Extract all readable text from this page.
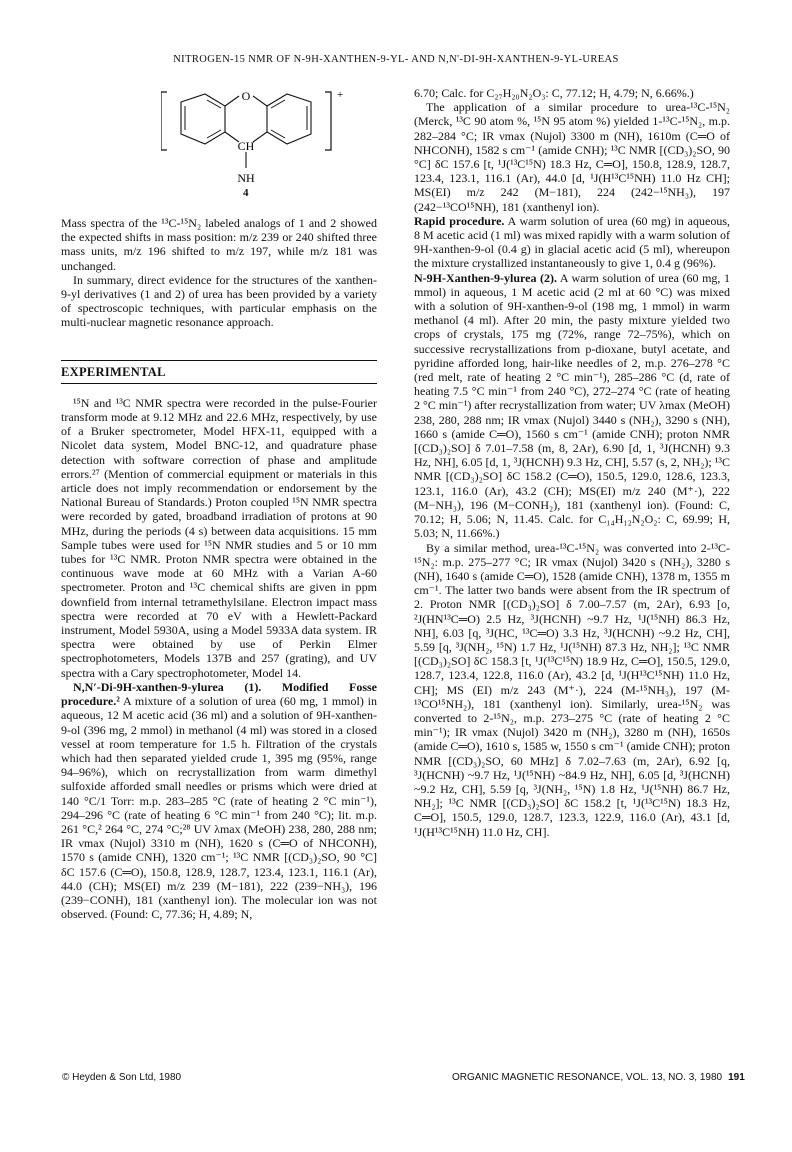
NITROGEN-15 NMR OF N-9H-XANTHEN-9-YL- AND N,N'-DI-9H-XANTHEN-9-YL-UREAS
O
CH
NH
+
4

Mass spectra of the ¹³C-¹⁵N₂ labeled analogs of 1 and 2 showed the expected shifts in mass position: m/z 239 or 240 shifted three mass units, m/z 196 shifted to m/z 197, while m/z 181 was unchanged.

In summary, direct evidence for the structures of the xanthen-9-yl derivatives (1 and 2) of urea has been provided by a variety of spectroscopic techniques, with particular emphasis on the multi-nuclear magnetic resonance approach.

EXPERIMENTAL

¹⁵N and ¹³C NMR spectra were recorded in the pulse-Fourier transform mode at 9.12 MHz and 22.6 MHz, respectively, by use of a Bruker spectrometer, Model HFX-11, equipped with a Nicolet data system, Model BNC-12, and quadrature phase detection with software correction of phase and amplitude errors.²⁷ (Mention of commercial equipment or materials in this article does not imply recommendation or endorsement by the National Bureau of Standards.) Proton coupled ¹⁵N NMR spectra were recorded by gated, broadband irradiation of protons at 90 MHz, during the periods (4 s) between data acquisitions. 15 mm Sample tubes were used for ¹⁵N NMR studies and 5 or 10 mm tubes for ¹³C NMR. Proton NMR spectra were obtained in the continuous wave mode at 60 MHz with a Varian A-60 spectrometer. Proton and ¹³C chemical shifts are given in ppm downfield from internal tetramethylsilane. Electron impact mass spectra were recorded at 70 eV with a Hewlett-Packard instrument, Model 5930A, using a Model 5933A data system. IR spectra were obtained by use of Perkin Elmer spectrophotometers, Models 137B and 257 (grating), and UV spectra with a Cary spectrophotometer, Model 14.

N,N′-Di-9H-xanthen-9-ylurea (1). Modified Fosse procedure.² A mixture of a solution of urea (60 mg, 1 mmol) in aqueous, 12 M acetic acid (36 ml) and a solution of 9H-xanthen-9-ol (396 mg, 2 mmol) in methanol (4 ml) was stored in a closed vessel at room temperature for 1.5 h. Filtration of the crystals which had then separated yielded crude 1, 395 mg (95%, range 94–96%), which on recrystallization from warm dimethyl sulfoxide afforded small needles or prisms which were dried at 140 °C/1 Torr: m.p. 283–285 °C (rate of heating 2 °C min⁻¹), 294–296 °C (rate of heating 6 °C min⁻¹ from 240 °C); lit. m.p. 261 °C,² 264 °C, 274 °C;²⁸ UV λmax (MeOH) 238, 280, 288 nm; IR νmax (Nujol) 3310 m (NH), 1620 s (C═O of NHCONH), 1570 s (amide CNH), 1320 cm⁻¹; ¹³C NMR [(CD₃)₂SO, 90 °C] δC 157.6 (C═O), 150.8, 128.9, 128.7, 123.4, 123.1, 116.1 (Ar), 44.0 (CH); MS(EI) m/z 239 (M−181), 222 (239−NH₃), 196 (239−CONH), 181 (xanthenyl ion). The molecular ion was not observed. (Found: C, 77.36; H, 4.89; N,

6.70; Calc. for C₂₇H₂₀N₂O₃: C, 77.12; H, 4.79; N, 6.66%.)

The application of a similar procedure to urea-¹³C-¹⁵N₂ (Merck, ¹³C 90 atom %, ¹⁵N 95 atom %) yielded 1-¹³C-¹⁵N₂, m.p. 282–284 °C; IR νmax (Nujol) 3300 m (NH), 1610m (C═O of NHCONH), 1582 s cm⁻¹ (amide CNH); ¹³C NMR [(CD₃)₂SO, 90 °C] δC 157.6 [t, ¹J(¹³C¹⁵N) 18.3 Hz, C═O], 150.8, 128.9, 128.7, 123.4, 123.1, 116.1 (Ar), 44.0 [d, ¹J(H¹³C¹⁵NH) 11.0 Hz CH]; MS(EI) m/z 242 (M−181), 224 (242−¹⁵NH₃), 197 (242−¹³CO¹⁵NH), 181 (xanthenyl ion).

Rapid procedure. A warm solution of urea (60 mg) in aqueous, 8 M acetic acid (1 ml) was mixed rapidly with a warm solution of 9H-xanthen-9-ol (0.4 g) in glacial acetic acid (5 ml), whereupon the mixture crystallized instantaneously to give 1, 0.4 g (96%).

N-9H-Xanthen-9-ylurea (2). A warm solution of urea (60 mg, 1 mmol) in aqueous, 1 M acetic acid (2 ml at 60 °C) was mixed with a solution of 9H-xanthen-9-ol (198 mg, 1 mmol) in warm methanol (4 ml). After 20 min, the pasty mixture yielded two crops of crystals, 175 mg (72%, range 72–75%), which on successive recrystallizations from p-dioxane, butyl acetate, and pyridine afforded long, hair-like needles of 2, m.p. 276–278 °C (red melt, rate of heating 2 °C min⁻¹), 285–286 °C (d, rate of heating 7.5 °C min⁻¹ from 240 °C), 272–274 °C (rate of heating 2 °C min⁻¹) after recrystallization from water; UV λmax (MeOH) 238, 280, 288 nm; IR νmax (Nujol) 3440 s (NH₂), 3290 s (NH), 1660 s (amide C═O), 1560 s cm⁻¹ (amide CNH); proton NMR [(CD₃)₂SO] δ 7.01–7.58 (m, 8, 2Ar), 6.90 [d, 1, ³J(HCNH) 9.3 Hz, NH], 6.05 [d, 1, ³J(HCNH) 9.3 Hz, CH], 5.57 (s, 2, NH₂); ¹³C NMR [(CD₃)₂SO] δC 158.2 (C═O), 150.5, 129.0, 128.6, 123.3, 123.1, 116.0 (Ar), 43.2 (CH); MS(EI) m/z 240 (M⁺·), 222 (M−NH₃), 196 (M−CONH₂), 181 (xanthenyl ion). (Found: C, 70.12; H, 5.06; N, 11.45. Calc. for C₁₄H₁₂N₂O₂: C, 69.99; H, 5.03; N, 11.66%.)

By a similar method, urea-¹³C-¹⁵N₂ was converted into 2-¹³C-¹⁵N₂: m.p. 275–277 °C; IR νmax (Nujol) 3420 s (NH₂), 3280 s (NH), 1640 s (amide C═O), 1528 (amide CNH), 1378 m, 1355 m cm⁻¹. The latter two bands were absent from the IR spectrum of 2. Proton NMR [(CD₃)₂SO] δ 7.00–7.57 (m, 2Ar), 6.93 [o, ²J(HN¹³C═O) 2.5 Hz, ³J(HCNH) ~9.7 Hz, ¹J(¹⁵NH) 86.3 Hz, NH], 6.03 [q, ³J(HC, ¹³C═O) 3.3 Hz, ³J(HCNH) ~9.2 Hz, CH], 5.59 [q, ³J(NH₂, ¹⁵N) 1.7 Hz, ¹J(¹⁵NH) 87.3 Hz, NH₂]; ¹³C NMR [(CD₃)₂SO] δC 158.3 [t, ¹J(¹³C¹⁵N) 18.9 Hz, C═O], 150.5, 129.0, 128.7, 123.4, 122.8, 116.0 (Ar), 43.2 [d, ¹J(H¹³C¹⁵NH) 11.0 Hz, CH]; MS (EI) m/z 243 (M⁺·), 224 (M-¹⁵NH₃), 197 (M-¹³CO¹⁵NH₂), 181 (xanthenyl ion). Similarly, urea-¹⁵N₂ was converted to 2-¹⁵N₂, m.p. 273–275 °C (rate of heating 2 °C min⁻¹); IR νmax (Nujol) 3420 m (NH₂), 3280 m (NH), 1650s (amide C═O), 1610 s, 1585 w, 1550 s cm⁻¹ (amide CNH); proton NMR [(CD₃)₂SO, 60 MHz] δ 7.02–7.63 (m, 2Ar), 6.92 [q, ³J(HCNH) ~9.7 Hz, ¹J(¹⁵NH) ~84.9 Hz, NH], 6.05 [d, ³J(HCNH) ~9.2 Hz, CH], 5.59 [q, ³J(NH₂, ¹⁵N) 1.8 Hz, ¹J(¹⁵NH) 86.7 Hz, NH₂]; ¹³C NMR [(CD₃)₂SO] δC 158.2 [t, ¹J(¹³C¹⁵N) 18.3 Hz, C═O], 150.5, 129.0, 128.7, 123.3, 122.9, 116.0 (Ar), 43.1 [d, ¹J(H¹³C¹⁵NH) 11.0 Hz, CH].

© Heyden & Son Ltd, 1980	ORGANIC MAGNETIC RESONANCE, VOL. 13, NO. 3, 1980 191
